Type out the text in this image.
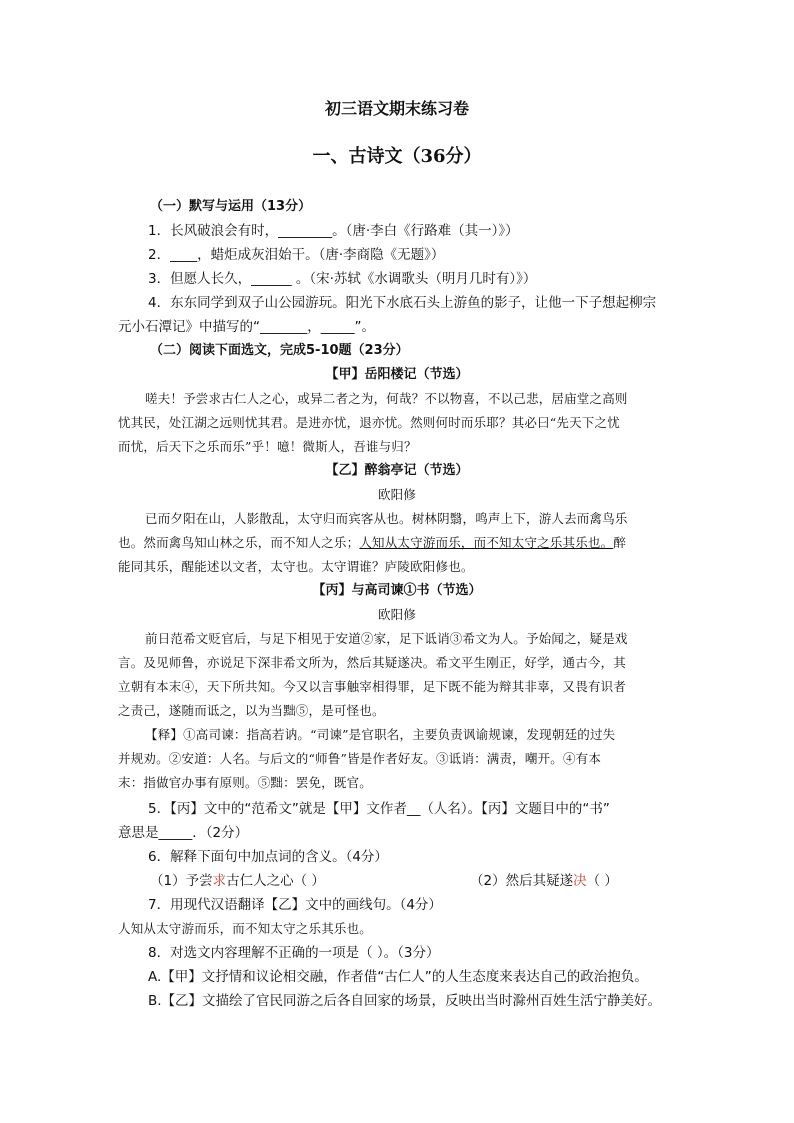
初三语文期末练习卷
一、古诗文（36分）
（一）默写与运用（13分）
1．长风破浪会有时，________。（唐·李白《行路难（其一）》）
2．____，蜡炬成灰泪始干。（唐·李商隐《无题》）
3．但愿人长久，______ 。（宋·苏轼《水调歌头（明月几时有）》）
4．东东同学到双子山公园游玩。阳光下水底石头上游鱼的影子，让他一下子想起柳宗
元小石潭记》中描写的“_______，_____”。
（二）阅读下面选文，完成5-10题（23分）
【甲】岳阳楼记（节选）
嗟夫！予尝求古仁人之心，或异二者之为，何哉？不以物喜，不以己悲，居庙堂之高则
忧其民，处江湖之远则忧其君。是进亦忧，退亦忧。然则何时而乐耶？其必曰“先天下之忧
而忧，后天下之乐而乐”乎！噫！微斯人，吾谁与归？
【乙】醉翁亭记（节选）
欧阳修
已而夕阳在山，人影散乱，太守归而宾客从也。树林阴翳，鸣声上下，游人去而禽鸟乐
也。然而禽鸟知山林之乐，而不知人之乐；人知从太守游而乐，而不知太守之乐其乐也。醉
能同其乐，醒能述以文者，太守也。太守谓谁？庐陵欧阳修也。
【丙】与高司谏①书（节选）
欧阳修
前日范希文贬官后，与足下相见于安道②家，足下诋诮③希文为人。予始闻之，疑是戏
言。及见师鲁，亦说足下深非希文所为，然后其疑遂决。希文平生刚正，好学，通古今，其
立朝有本末④，天下所共知。今又以言事触宰相得罪，足下既不能为辩其非辜，又畏有识者
之责己，遂随而诋之，以为当黜⑤，是可怪也。
【释】①高司谏：指高若讷。“司谏”是官职名，主要负责讽谕规谏，发现朝廷的过失
并规劝。②安道：人名。与后文的“师鲁”皆是作者好友。③诋诮：满责，嘲开。④有本
末：指做官办事有原则。⑤黜：罢免，既官。
5．【丙】文中的“范希文”就是【甲】文作者__（人名）。【丙】文题目中的“书”
意思是_____．（2分）
6．解释下面句中加点词的含义。（4分）
（1）予尝求古仁人之心（ ）	（2）然后其疑遂决（ ）
7．用现代汉语翻译【乙】文中的画线句。（4分）
人知从太守游而乐，而不知太守之乐其乐也。
8．对选文内容理解不正确的一项是（ ）。（3分）
A.【甲】文抒情和议论相交融，作者借“古仁人”的人生态度来表达自己的政治抱负。
B.【乙】文描绘了官民同游之后各自回家的场景，反映出当时滁州百姓生活宁静美好。
